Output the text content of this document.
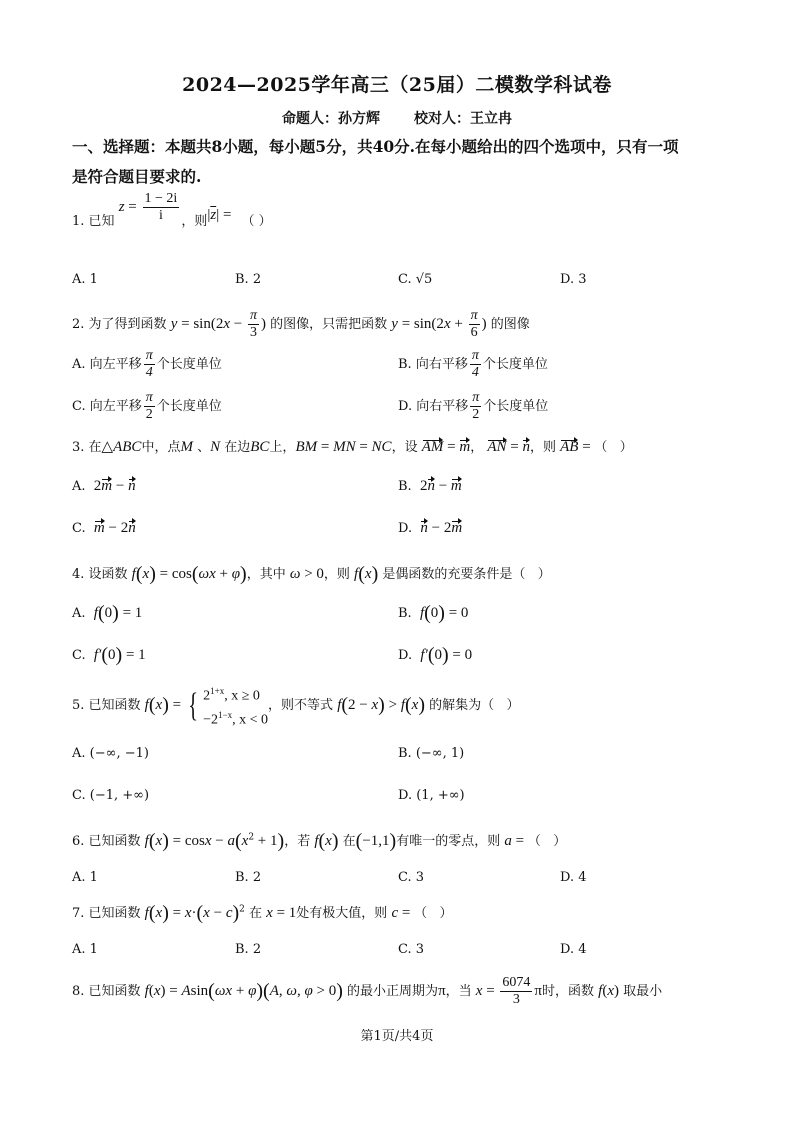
2024—2025学年高三（25届）二模数学科试卷
命题人：孙方辉 校对人：王立冉
一、选择题：本题共8小题，每小题5分，共40分.在每小题给出的四个选项中，只有一项
是符合题目要求的.
1. 已知 $z = \frac{1 - 2i}{i}$ ，则$|\overline{z}|$ = （ ）
A. 1	B. 2	C. √5	D. 3
2. 为了得到函数 $y = \sin(2x - \frac{\pi}{3}$ ) 的图像，只需把函数 $y = \sin(2x + \frac{\pi}{6}$ ) 的图像
A. 向左平移 $\frac{\pi}{4}$ 个长度单位	B. 向右平移 $\frac{\pi}{4}$ 个长度单位
C. 向左平移 $\frac{\pi}{2}$ 个长度单位	D. 向右平移 $\frac{\pi}{2}$ 个长度单位
3. 在△ABC中，点M 、N 在边BC上，BM = MN = NC，设 AM = m， AN = n，则 AB = （   ）
A.  2m − n	B.  2n − m
C.  m − 2n	D.  n − 2m
4. 设函数 f(x) = cos(ωx + φ)，其中 ω > 0，则 f(x) 是偶函数的充要条件是（   ）
A.  f(0) = 1	B.  f(0) = 0
C.  f′(0) = 1	D.  f′(0) = 0
5. 已知函数 f(x) = { $2^{1+x}$, x ≥ 0
$-2^{1-x}$, x < 0
，则不等式 f(2 − x) > f(x) 的解集为（   ）
A. (−∞, −1)	B. (−∞, 1)
C. (−1, +∞)	D. (1, +∞)
6. 已知函数 $f(x) = \cos x - a(x^2 + 1)$，若 f(x) 在(−1,1)有唯一的零点，则 a = （   ）
A. 1	B. 2	C. 3	D. 4
7. 已知函数 $f(x) = x\cdot(x - c)^2$ 在 x = 1处有极大值，则 c = （   ）
A. 1	B. 2	C. 3	D. 4
8. 已知函数 f(x) = Asin(ωx + φ)(A, ω, φ > 0) 的最小正周期为π，当 $x = \frac{6074}{3}$ π时，函数 f(x) 取最小
第1页/共4页
